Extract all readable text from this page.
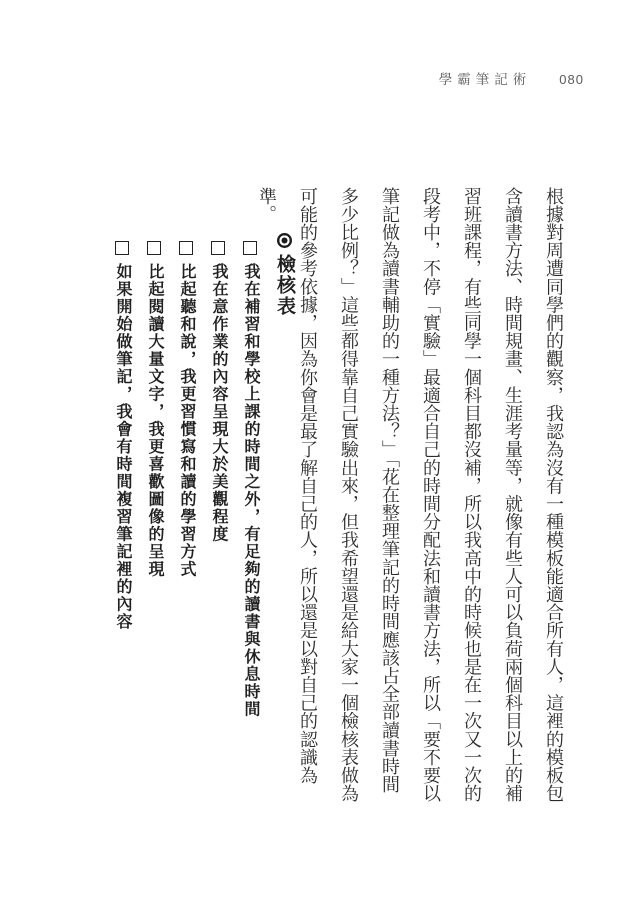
學霸筆記術 080
根據對周遭同學們的觀察，我認為沒有一種模板能適合所有人，這裡的模板包
含讀書方法、時間規畫、生涯考量等，就像有些人可以負荷兩個科目以上的補
習班課程，有些同學一個科目都沒補，所以我高中的時候也是在一次又一次的
段考中，不停「實驗」最適合自己的時間分配法和讀書方法，所以「要不要以
筆記做為讀書輔助的一種方法？」「花在整理筆記的時間應該占全部讀書時間
多少比例？」這些都得靠自己實驗出來，但我希望還是給大家一個檢核表做為
可能的參考依據，因為你會是最了解自己的人，所以還是以對自己的認識為準。
檢核表
我在補習和學校上課的時間之外，有足夠的讀書與休息時間
我在意作業的內容呈現大於美觀程度
比起聽和說，我更習慣寫和讀的學習方式
比起閱讀大量文字，我更喜歡圖像的呈現
如果開始做筆記，我會有時間複習筆記裡的內容
